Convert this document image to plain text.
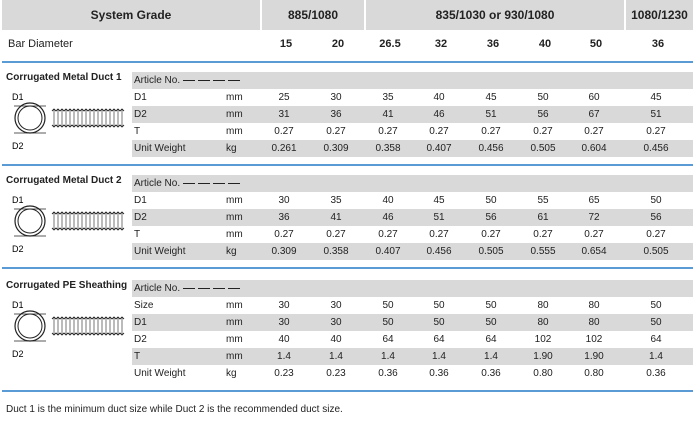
System Grade	885/1080	835/1030 or 930/1080	1080/1230
Bar Diameter	15	20	26.5	32	36	40	50	36
Corrugated Metal Duct 1 Article No.
D1	mm	25	30	35	40	45	50	60	45
D2	mm	31	36	41	46	51	56	67	51
T	mm	0.27	0.27	0.27	0.27	0.27	0.27	0.27	0.27
Unit Weight	kg	0.261	0.309	0.358	0.407	0.456	0.505	0.604	0.456
D1
D2
Corrugated Metal Duct 2 Article No.
D1	mm	30	35	40	45	50	55	65	50
D2	mm	36	41	46	51	56	61	72	56
T	mm	0.27	0.27	0.27	0.27	0.27	0.27	0.27	0.27
Unit Weight	kg	0.309	0.358	0.407	0.456	0.505	0.555	0.654	0.505
D1
D2
Corrugated PE Sheathing Article No.
Size	mm	30	30	50	50	50	80	80	50
D1	mm	30	30	50	50	50	80	80	50
D2	mm	40	40	64	64	64	102	102	64
T	mm	1.4	1.4	1.4	1.4	1.4	1.90	1.90	1.4
Unit Weight	kg	0.23	0.23	0.36	0.36	0.36	0.80	0.80	0.36
D1
D2
Duct 1 is the minimum duct size while Duct 2 is the recommended duct size.
